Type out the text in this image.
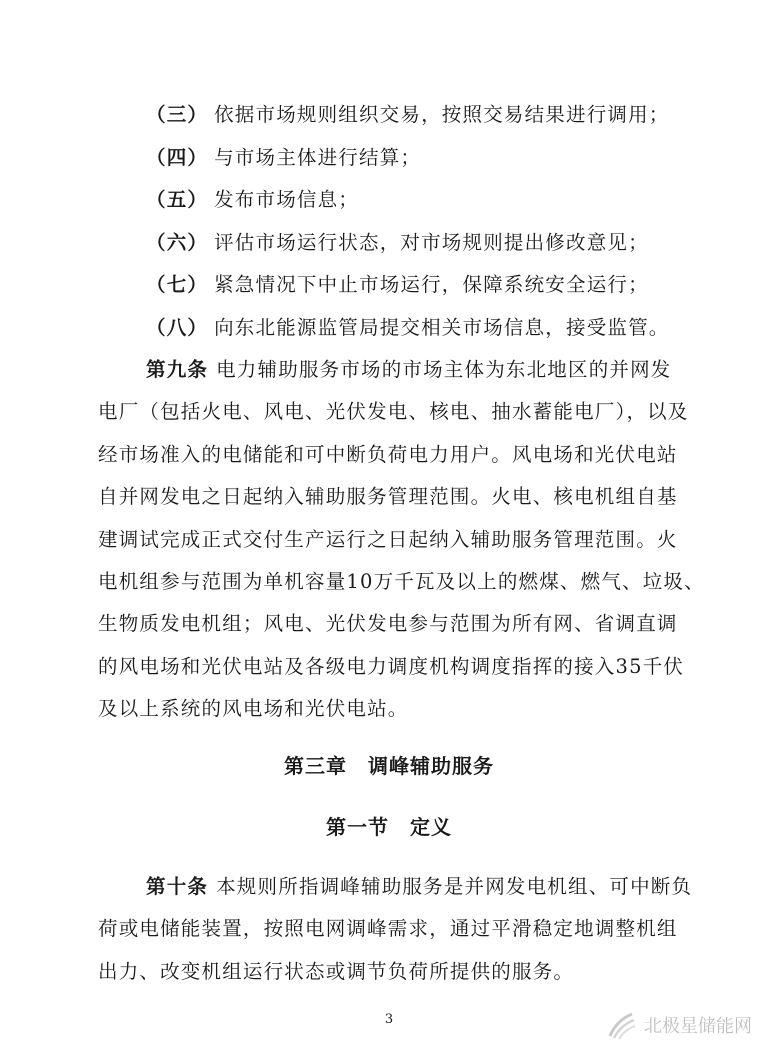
（三） 依据市场规则组织交易，按照交易结果进行调用；
（四） 与市场主体进行结算；
（五） 发布市场信息；
（六） 评估市场运行状态，对市场规则提出修改意见；
（七） 紧急情况下中止市场运行，保障系统安全运行；
（八） 向东北能源监管局提交相关市场信息，接受监管。
第九条 电力辅助服务市场的市场主体为东北地区的并网发
电厂（包括火电、风电、光伏发电、核电、抽水蓄能电厂），以及
经市场准入的电储能和可中断负荷电力用户。风电场和光伏电站
自并网发电之日起纳入辅助服务管理范围。火电、核电机组自基
建调试完成正式交付生产运行之日起纳入辅助服务管理范围。火
电机组参与范围为单机容量10万千瓦及以上的燃煤、燃气、垃圾、
生物质发电机组；风电、光伏发电参与范围为所有网、省调直调
的风电场和光伏电站及各级电力调度机构调度指挥的接入35千伏
及以上系统的风电场和光伏电站。
第三章　调峰辅助服务
第一节　定义
第十条 本规则所指调峰辅助服务是并网发电机组、可中断负
荷或电储能装置，按照电网调峰需求，通过平滑稳定地调整机组
出力、改变机组运行状态或调节负荷所提供的服务。
3	北极星储能网
